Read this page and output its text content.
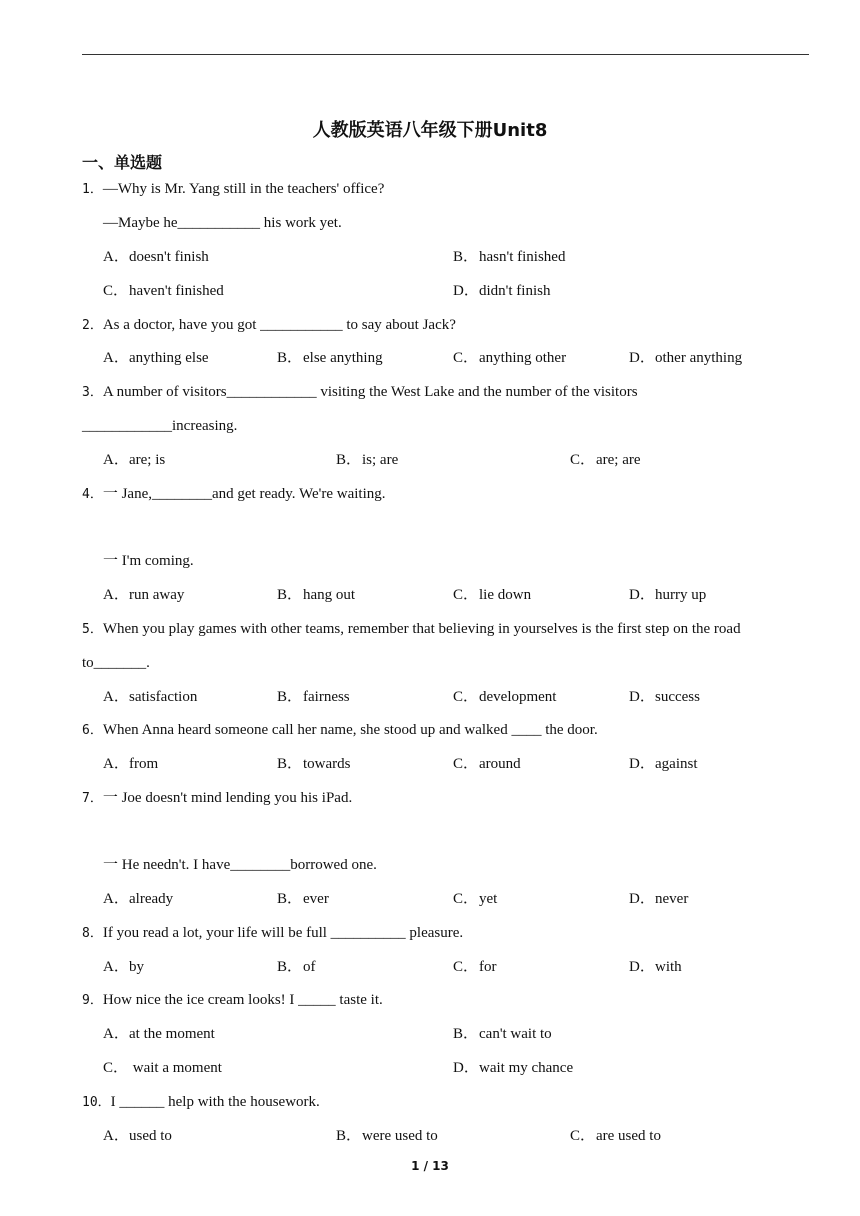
人教版英语八年级下册Unit8
一、单选题
1．—Why is Mr. Yang still in the teachers' office?
—Maybe he___________ his work yet.
A．doesn't finish	B．hasn't finished
C．haven't finished	D．didn't finish
2．As a doctor, have you got ___________ to say about Jack?
A．anything else	B．else anything	C．anything other	D．other anything
3．A number of visitors____________ visiting the West Lake and the number of the visitors
____________increasing.
A．are; is	B．is; are	C．are; are
4．一 Jane,________and get ready. We're waiting.
一 I'm coming.
A．run away	B．hang out	C．lie down	D．hurry up
5．When you play games with other teams, remember that believing in yourselves is the first step on the road
to_______.
A．satisfaction	B．fairness	C．development	D．success
6．When Anna heard someone call her name, she stood up and walked ____ the door.
A．from	B．towards	C．around	D．against
7．一 Joe doesn't mind lending you his iPad.
一 He needn't. I have________borrowed one.
A．already	B．ever	C．yet	D．never
8．If you read a lot, your life will be full __________ pleasure.
A．by	B．of	C．for	D．with
9．How nice the ice cream looks! I _____ taste it.
A．at the moment	B．can't wait to
C． wait a moment	D．wait my chance
10．I ______ help with the housework.
A．used to	B．were used to	C．are used to
1 / 13
